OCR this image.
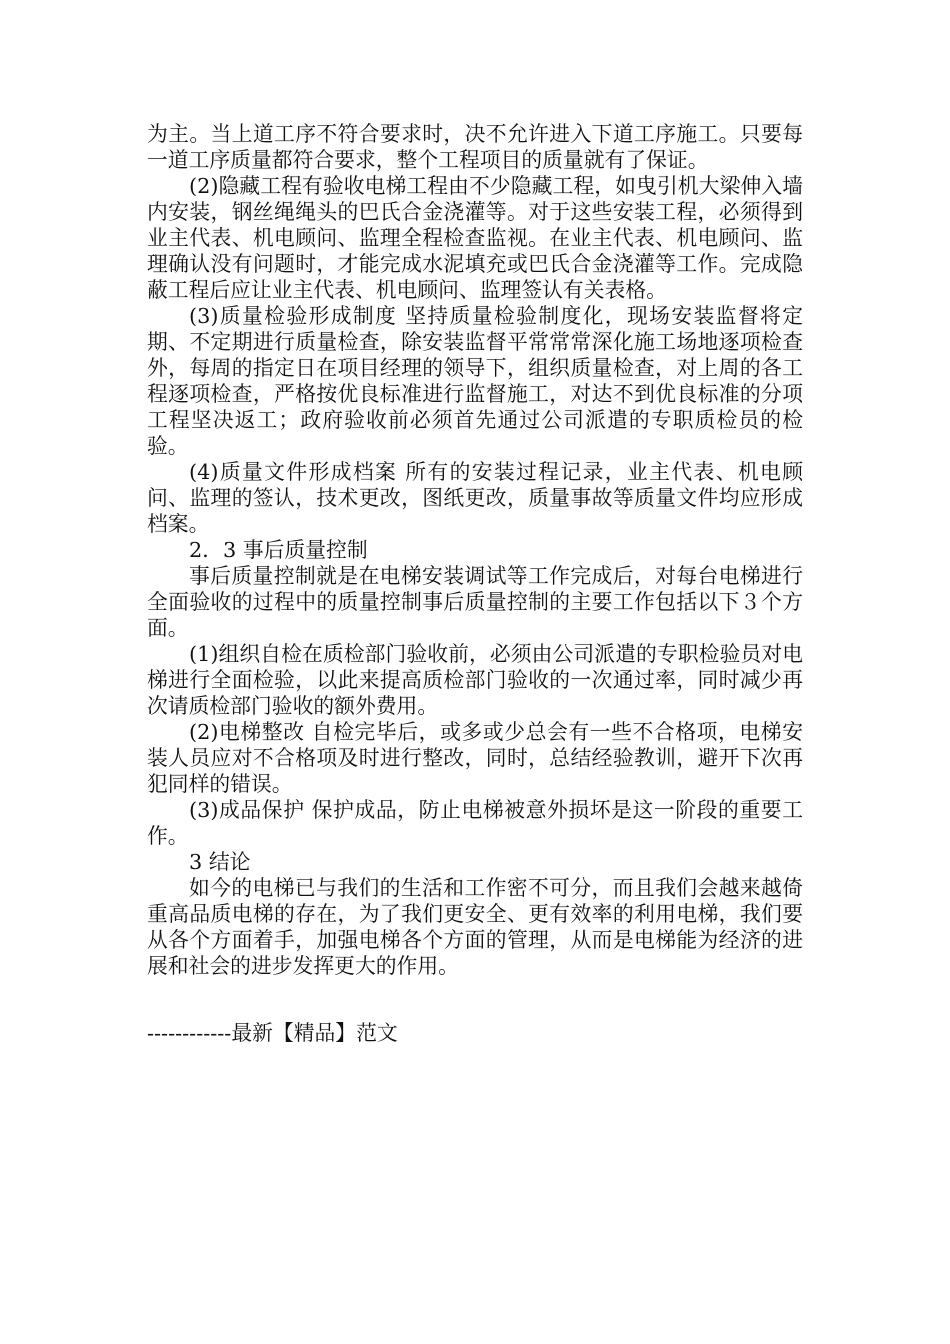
为主。当上道工序不符合要求时，决不允许进入下道工序施工。只要每一道工序质量都符合要求，整个工程项目的质量就有了保证。

(2)隐藏工程有验收电梯工程由不少隐藏工程，如曳引机大梁伸入墙内安装，钢丝绳绳头的巴氏合金浇灌等。对于这些安装工程，必须得到业主代表、机电顾问、监理全程检查监视。在业主代表、机电顾问、监理确认没有问题时，才能完成水泥填充或巴氏合金浇灌等工作。完成隐蔽工程后应让业主代表、机电顾问、监理签认有关表格。

(3)质量检验形成制度 坚持质量检验制度化，现场安装监督将定期、不定期进行质量检查，除安装监督平常常常深化施工场地逐项检查外，每周的指定日在项目经理的领导下，组织质量检查，对上周的各工程逐项检查，严格按优良标准进行监督施工，对达不到优良标准的分项工程坚决返工；政府验收前必须首先通过公司派遣的专职质检员的检验。

(4)质量文件形成档案 所有的安装过程记录，业主代表、机电顾问、监理的签认，技术更改，图纸更改，质量事故等质量文件均应形成档案。

2．3 事后质量控制

事后质量控制就是在电梯安装调试等工作完成后，对每台电梯进行全面验收的过程中的质量控制事后质量控制的主要工作包括以下３个方面。

(1)组织自检在质检部门验收前，必须由公司派遣的专职检验员对电梯进行全面检验，以此来提高质检部门验收的一次通过率，同时减少再次请质检部门验收的额外费用。

(2)电梯整改 自检完毕后，或多或少总会有一些不合格项，电梯安装人员应对不合格项及时进行整改，同时，总结经验教训，避开下次再犯同样的错误。

(3)成品保护 保护成品，防止电梯被意外损坏是这一阶段的重要工作。

3 结论

如今的电梯已与我们的生活和工作密不可分，而且我们会越来越倚重高品质电梯的存在，为了我们更安全、更有效率的利用电梯，我们要从各个方面着手，加强电梯各个方面的管理，从而是电梯能为经济的进展和社会的进步发挥更大的作用。

------------最新【精品】范文
